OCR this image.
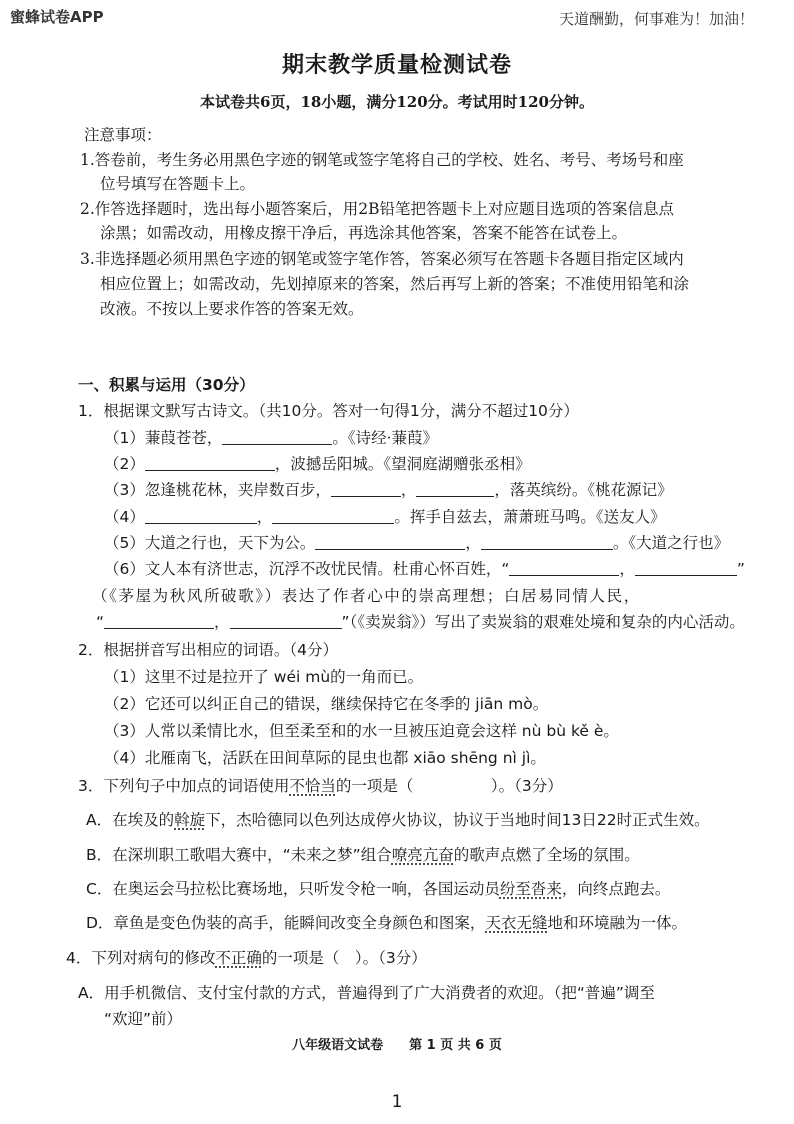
蜜蜂试卷APP	天道酬勤，何事难为！加油！
期末教学质量检测试卷
本试卷共6页，18小题，满分120分。考试用时120分钟。
注意事项：
1.答卷前，考生务必用黑色字迹的钢笔或签字笔将自己的学校、姓名、考号、考场号和座
位号填写在答题卡上。
2.作答选择题时，选出每小题答案后，用2B铅笔把答题卡上对应题目选项的答案信息点
涂黑；如需改动，用橡皮擦干净后，再选涂其他答案，答案不能答在试卷上。
3.非选择题必须用黑色字迹的钢笔或签字笔作答，答案必须写在答题卡各题目指定区域内
相应位置上；如需改动，先划掉原来的答案，然后再写上新的答案；不准使用铅笔和涂
改液。不按以上要求作答的答案无效。
一、积累与运用（30分）
1．根据课文默写古诗文。（共10分。答对一句得1分，满分不超过10分）
（1）蒹葭苍苍，	。《诗经·蒹葭》
（2）	，波撼岳阳城。《望洞庭湖赠张丞相》
（3）忽逢桃花林，夹岸数百步，	，	，落英缤纷。《桃花源记》
（4）	，	。挥手自兹去，萧萧班马鸣。《送友人》
（5）大道之行也，天下为公。	，	。《大道之行也》
（6）文人本有济世志，沉浮不改忧民情。杜甫心怀百姓，“	，	”
（《茅屋为秋风所破歌》）表达了作者心中的崇高理想；白居易同情人民，
“	，	”（《卖炭翁》）写出了卖炭翁的艰难处境和复杂的内心活动。
2．根据拼音写出相应的词语。（4分）
（1）这里不过是拉开了 wéi mù的一角而已。
（2）它还可以纠正自己的错误，继续保持它在冬季的 jiān mò。
（3）人常以柔情比水，但至柔至和的水一旦被压迫竟会这样 nù bù kě è。
（4）北雁南飞，活跃在田间草际的昆虫也都 xiāo shēng nì jì。
3．下列句子中加点的词语使用不恰当的一项是（　　　　　）。（3分）
A．在埃及的斡旋下，杰哈德同以色列达成停火协议，协议于当地时间13日22时正式生效。
B．在深圳职工歌唱大赛中，“未来之梦”组合嘹亮亢奋的歌声点燃了全场的氛围。
C．在奥运会马拉松比赛场地，只听发令枪一响，各国运动员纷至沓来，向终点跑去。
D．章鱼是变色伪装的高手，能瞬间改变全身颜色和图案，天衣无缝地和环境融为一体。
4．下列对病句的修改不正确的一项是（　）。（3分）
A．用手机微信、支付宝付款的方式，普遍得到了广大消费者的欢迎。（把“普遍”调至
“欢迎”前）
八年级语文试卷　　第 1 页 共 6 页
1
